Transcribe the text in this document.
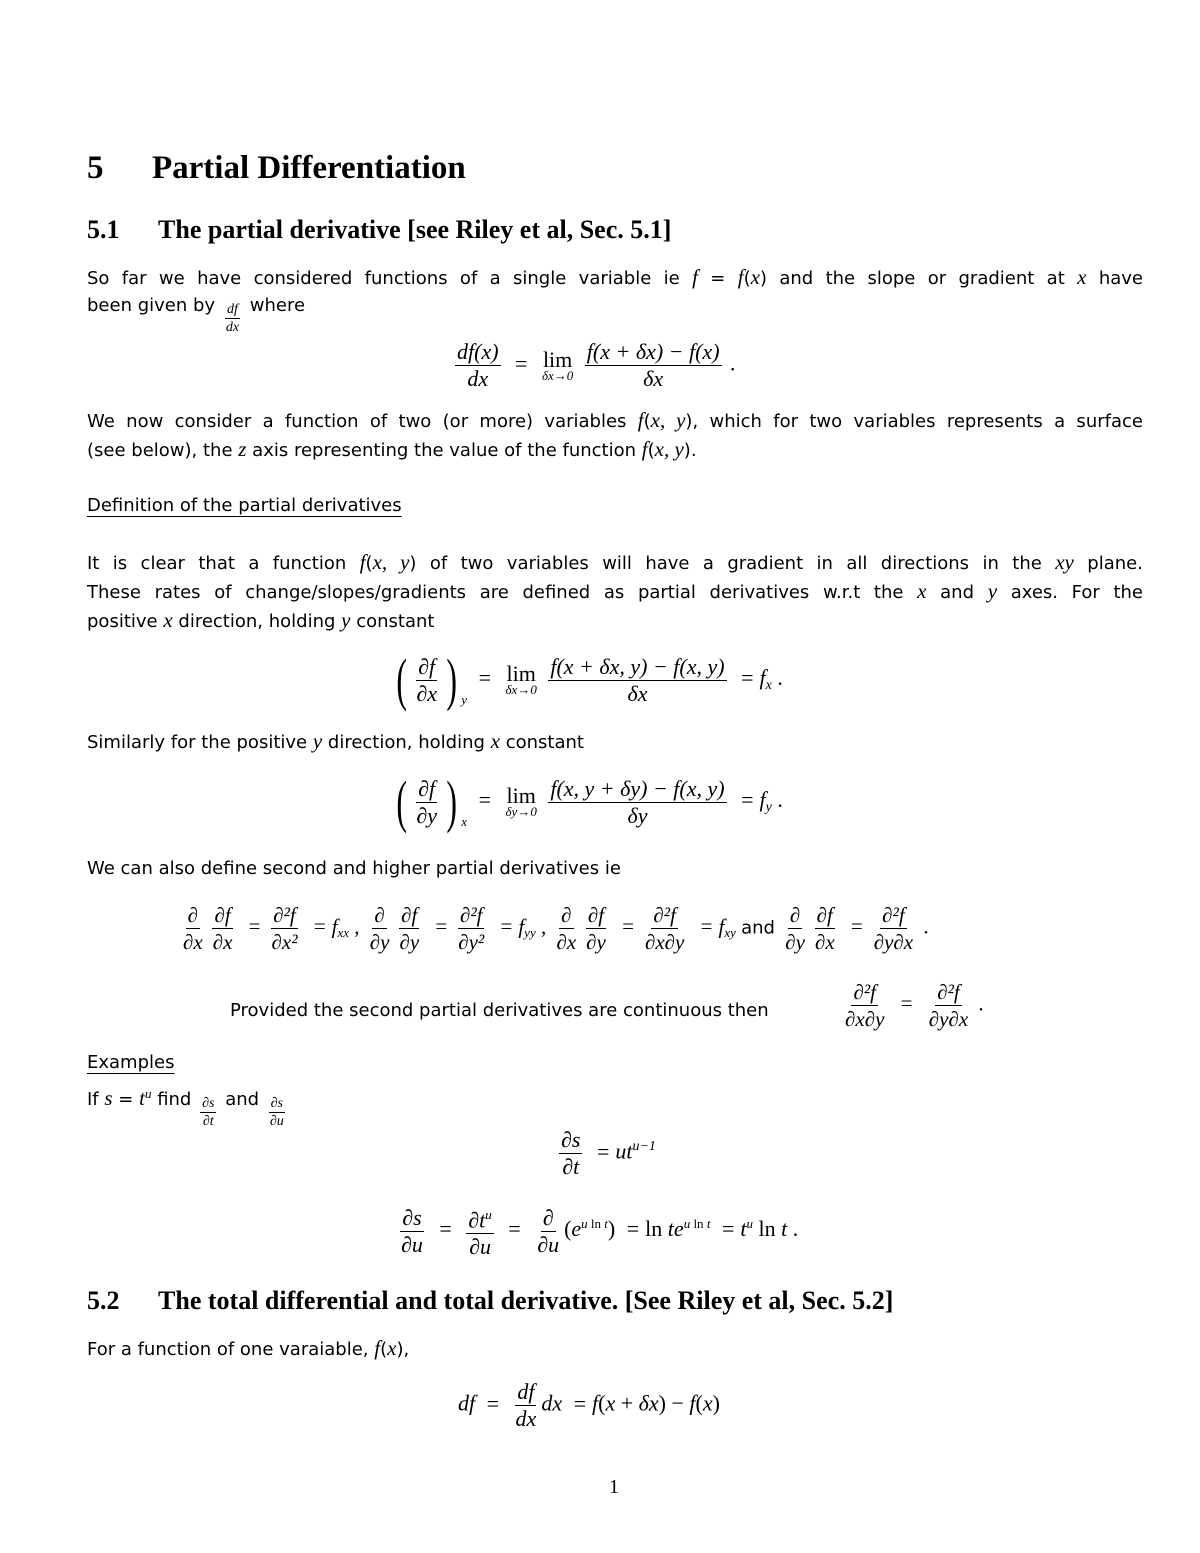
5 Partial Differentiation
5.1 The partial derivative [see Riley et al, Sec. 5.1]
So far we have considered functions of a single variable ie f = f(x) and the slope or gradient at x have
been given by $\frac{df}{dx}$ where
$\frac{df(x)}{dx} = \lim$
δx→0
$\frac{f(x + \delta x) - f(x)}{\delta x}$ .
We now consider a function of two (or more) variables f(x, y), which for two variables represents a surface
(see below), the z axis representing the value of the function f(x, y).
Definition of the partial derivatives
It is clear that a function f(x, y) of two variables will have a gradient in all directions in the xy plane.
These rates of change/slopes/gradients are defined as partial derivatives w.r.t the x and y axes. For the
positive x direction, holding y constant
( $\frac{\partial f}{\partial x}$ ) y
= lim
δx→0
$\frac{f(x + \delta x, y) - f(x, y)}{\delta x}$ = fx .
Similarly for the positive y direction, holding x constant
( $\frac{\partial f}{\partial y}$ ) x
= lim
δy→0
$\frac{f(x, y + \delta y) - f(x, y)}{\delta y}$ = fy .
We can also define second and higher partial derivatives ie
$\frac{\partial}{\partial x} \frac{\partial f}{\partial x} = \frac{\text{∂²f}}{\text{∂x²}}$ = fxx , $\frac{\partial}{\partial y} \frac{\partial f}{\partial y} = \frac{\text{∂²f}}{\text{∂y²}}$ = fyy , $\frac{\partial}{\partial x} \frac{\partial f}{\partial y} = \frac{\text{∂²f}}{\partial x\partial y}$ = fxy and $\frac{\partial}{\partial y} \frac{\partial f}{\partial x} = \frac{\text{∂²f}}{\partial y\partial x}$ .
Provided the second partial derivatives are continuous then	$\frac{\text{∂²f}}{\partial x\partial y} = \frac{\text{∂²f}}{\partial y\partial x}$ .
Examples
If $s = t^u$ find $\frac{\partial s}{\partial t}$ and $\frac{\partial s}{\partial u}$
$\frac{\partial s}{\partial t} = ut^{u-1}$
$\frac{\partial s}{\partial u} = \frac{\partial t^u}{\partial u} = \frac{\partial}{\partial u} (e^{u ln t}) = \ln te^{u ln t} = t^u$ ln t .
5.2 The total differential and total derivative. [See Riley et al, Sec. 5.2]
For a function of one varaiable, f(x),
df = $\frac{df}{dx}$ dx = f(x + δx) − f(x)
1
